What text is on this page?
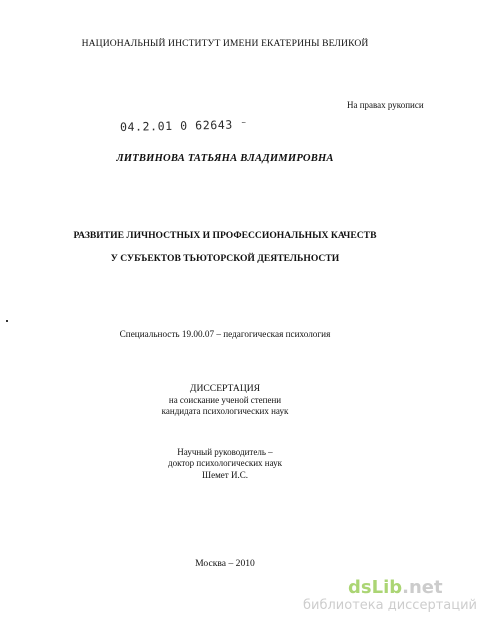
НАЦИОНАЛЬНЫЙ ИНСТИТУТ ИМЕНИ ЕКАТЕРИНЫ ВЕЛИКОЙ
На правах рукописи
04.2.01 0 62643 ⁻
ЛИТВИНОВА ТАТЬЯНА ВЛАДИМИРОВНА
РАЗВИТИЕ ЛИЧНОСТНЫХ И ПРОФЕССИОНАЛЬНЫХ КАЧЕСТВ
У СУБЪЕКТОВ ТЬЮТОРСКОЙ ДЕЯТЕЛЬНОСТИ
Специальность 19.00.07 – педагогическая психология
ДИССЕРТАЦИЯ
на соискание ученой степени
кандидата психологических наук
Научный руководитель –
доктор психологических наук
Шемет И.С.
Москва – 2010
dsLib.net
библиотека диссертаций
